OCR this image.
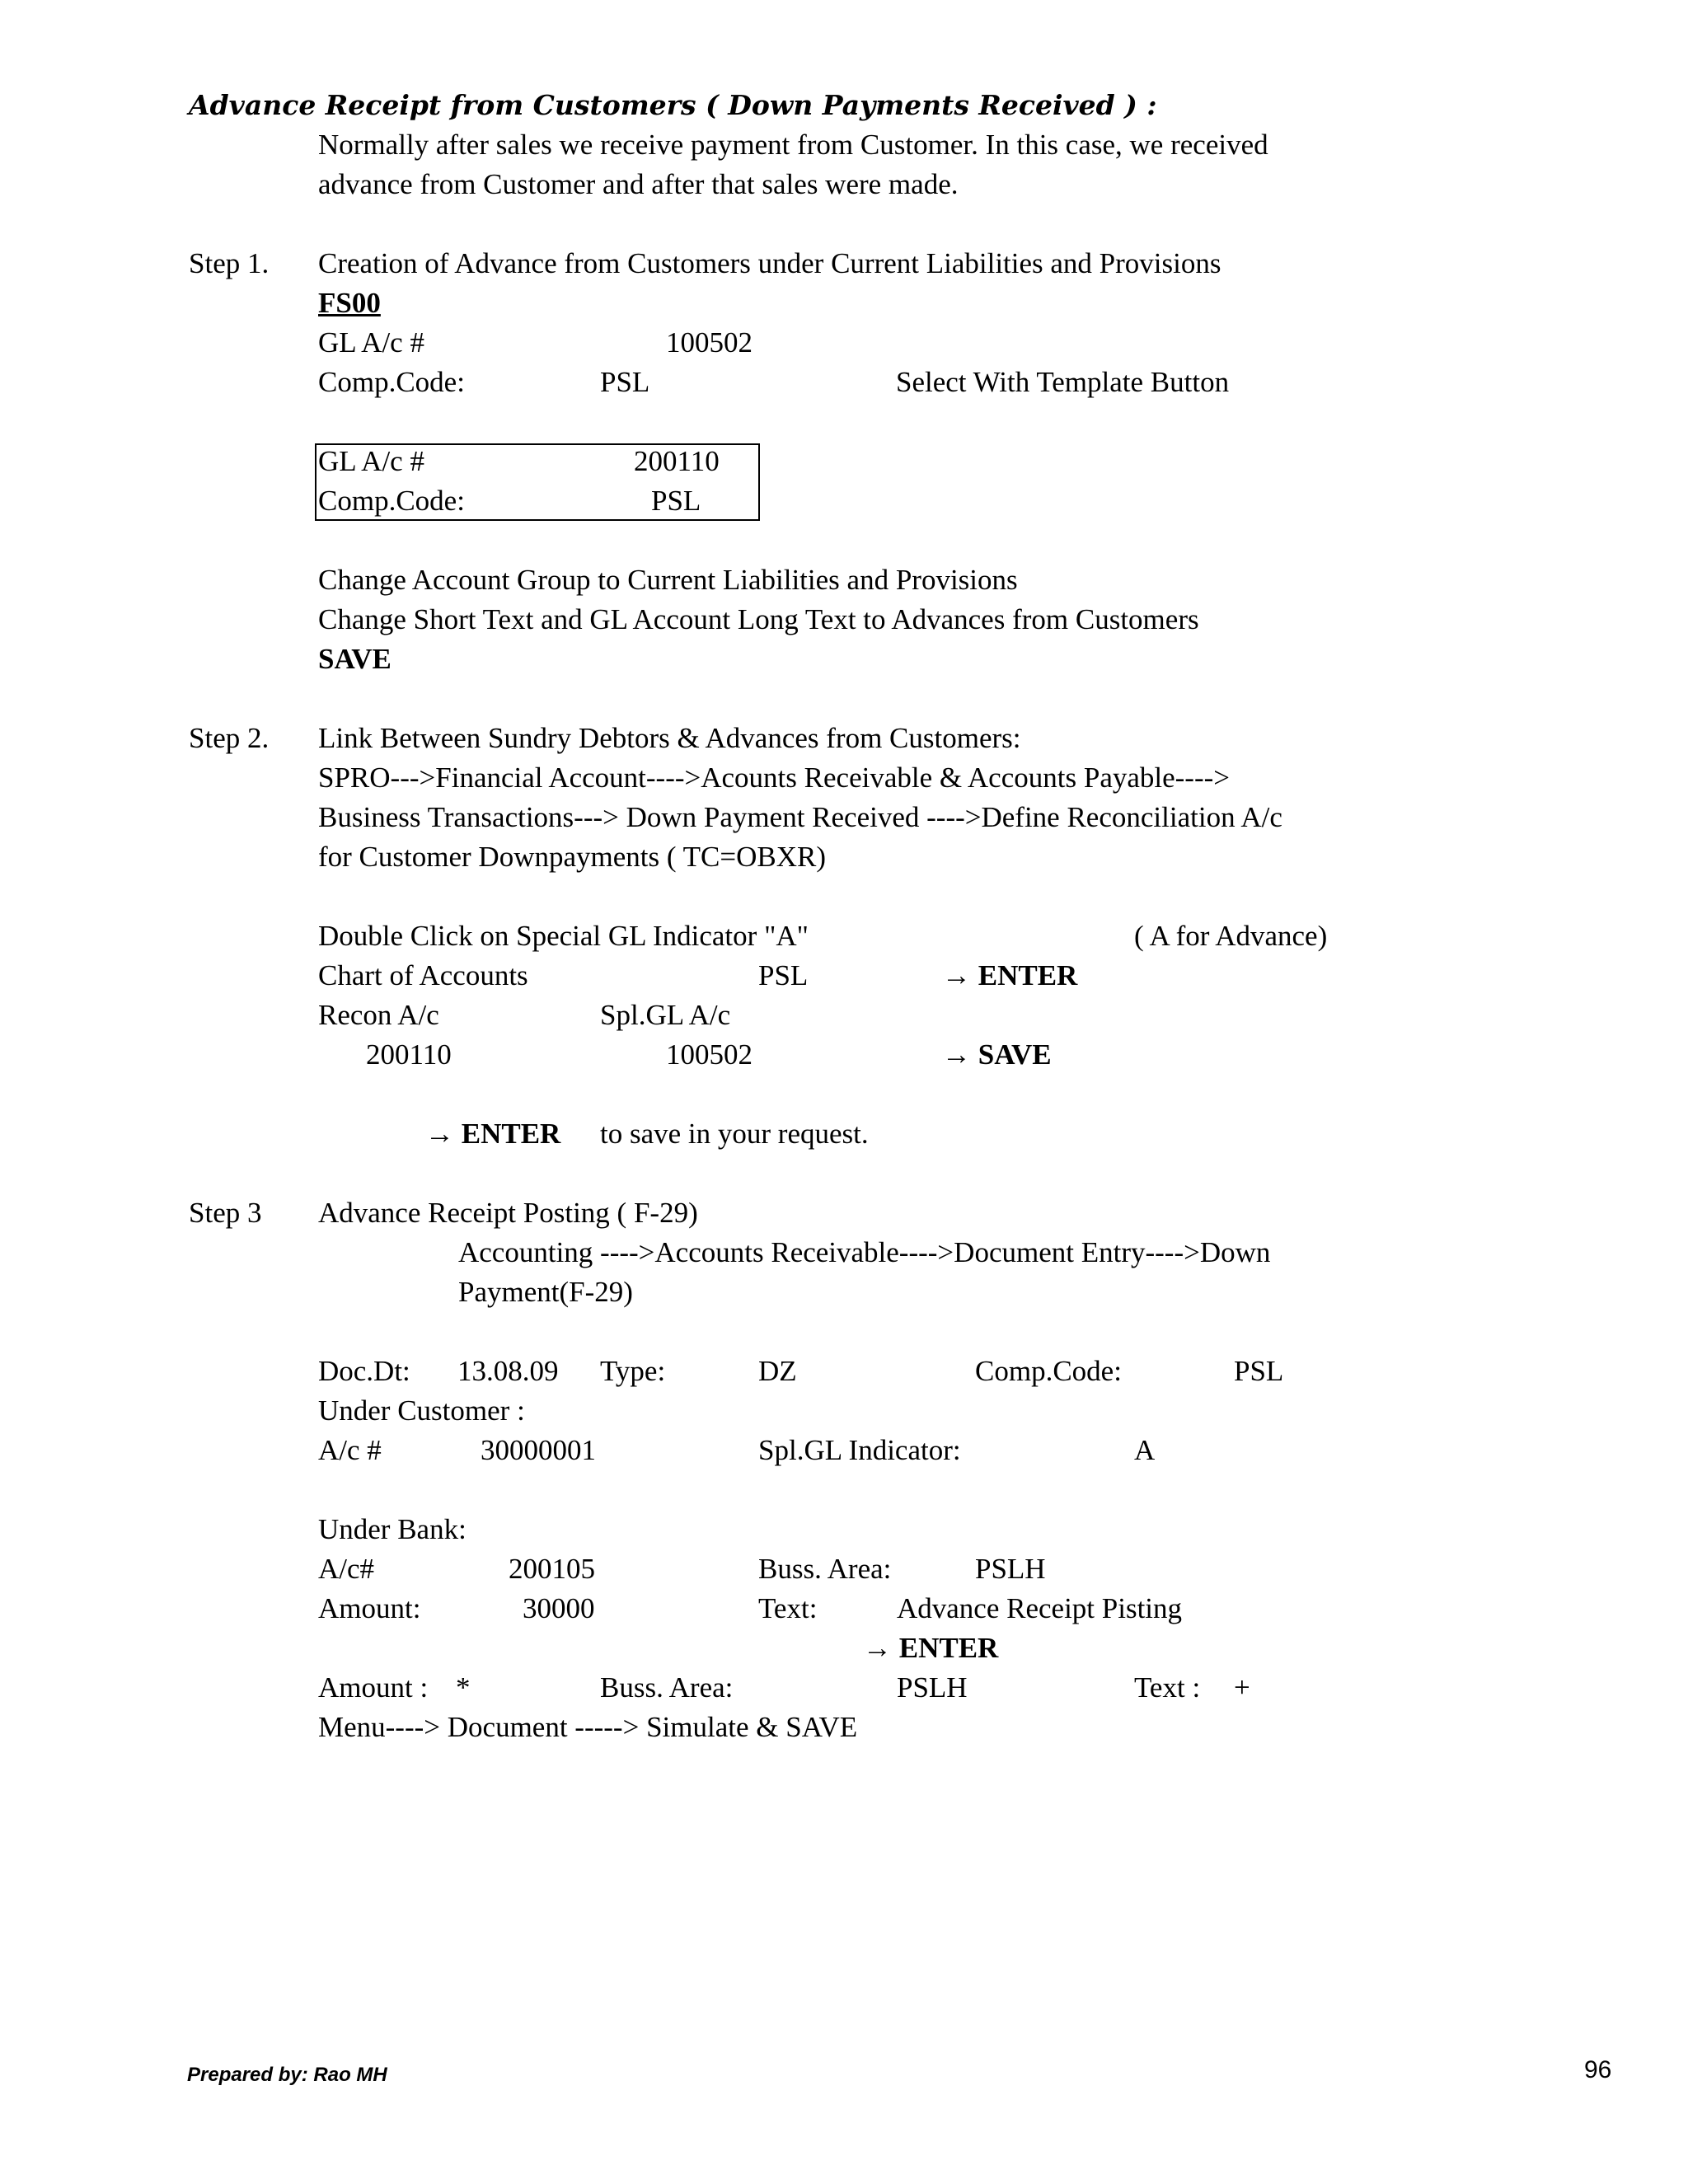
Advance Receipt from Customers ( Down Payments Received ) :
Normally after sales we receive payment from Customer. In this case, we received
advance from Customer and after that sales were made.
Step 1. Creation of Advance from Customers under Current Liabilities and Provisions
FS00
GL A/c #	100502
Comp.Code:	PSL	Select With Template Button
GL A/c #	200110
Comp.Code:	PSL
Change Account Group to Current Liabilities and Provisions
Change Short Text and GL Account Long Text to Advances from Customers
SAVE
Step 2. Link Between Sundry Debtors & Advances from Customers:
SPRO--->Financial Account---->Acounts Receivable & Accounts Payable---->
Business Transactions---> Down Payment Received ---->Define Reconciliation A/c
for Customer Downpayments ( TC=OBXR)
Double Click on Special GL Indicator "A"	( A for Advance)
Chart of Accounts	PSL	→ ENTER
Recon A/c	Spl.GL A/c
200110	100502	→ SAVE
→ ENTER to save in your request.
Step 3 Advance Receipt Posting ( F-29)
Accounting ---->Accounts Receivable---->Document Entry---->Down
Payment(F-29)
Doc.Dt: 13.08.09 Type:	DZ	Comp.Code:	PSL
Under Customer :
A/c #	30000001	Spl.GL Indicator:	A
Under Bank:
A/c#	200105	Buss. Area:	PSLH
Amount:	30000	Text:	Advance Receipt Pisting
→ ENTER
Amount : *	Buss. Area:	PSLH	Text : +
Menu----> Document -----> Simulate & SAVE
Prepared by: Rao MH	96
